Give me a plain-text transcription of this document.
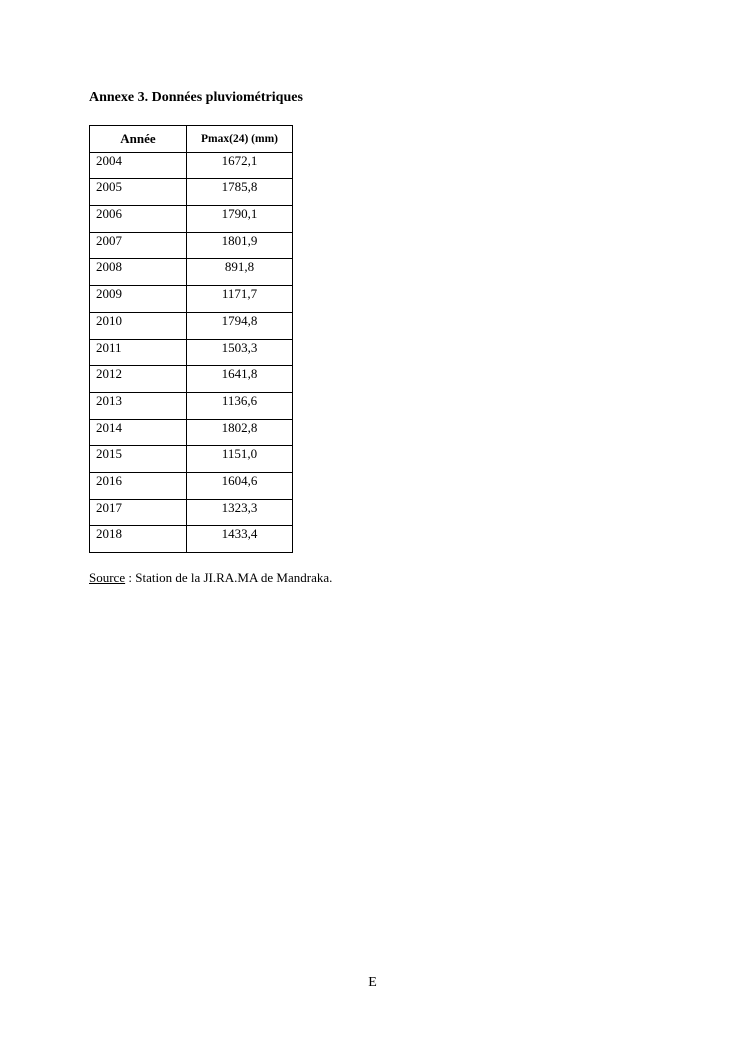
Annexe 3. Données pluviométriques
Année	Pmax(24) (mm)
2004	1672,1
2005	1785,8
2006	1790,1
2007	1801,9
2008	891,8
2009	1171,7
2010	1794,8
2011	1503,3
2012	1641,8
2013	1136,6
2014	1802,8
2015	1151,0
2016	1604,6
2017	1323,3
2018	1433,4
Source : Station de la JI.RA.MA de Mandraka.
E
